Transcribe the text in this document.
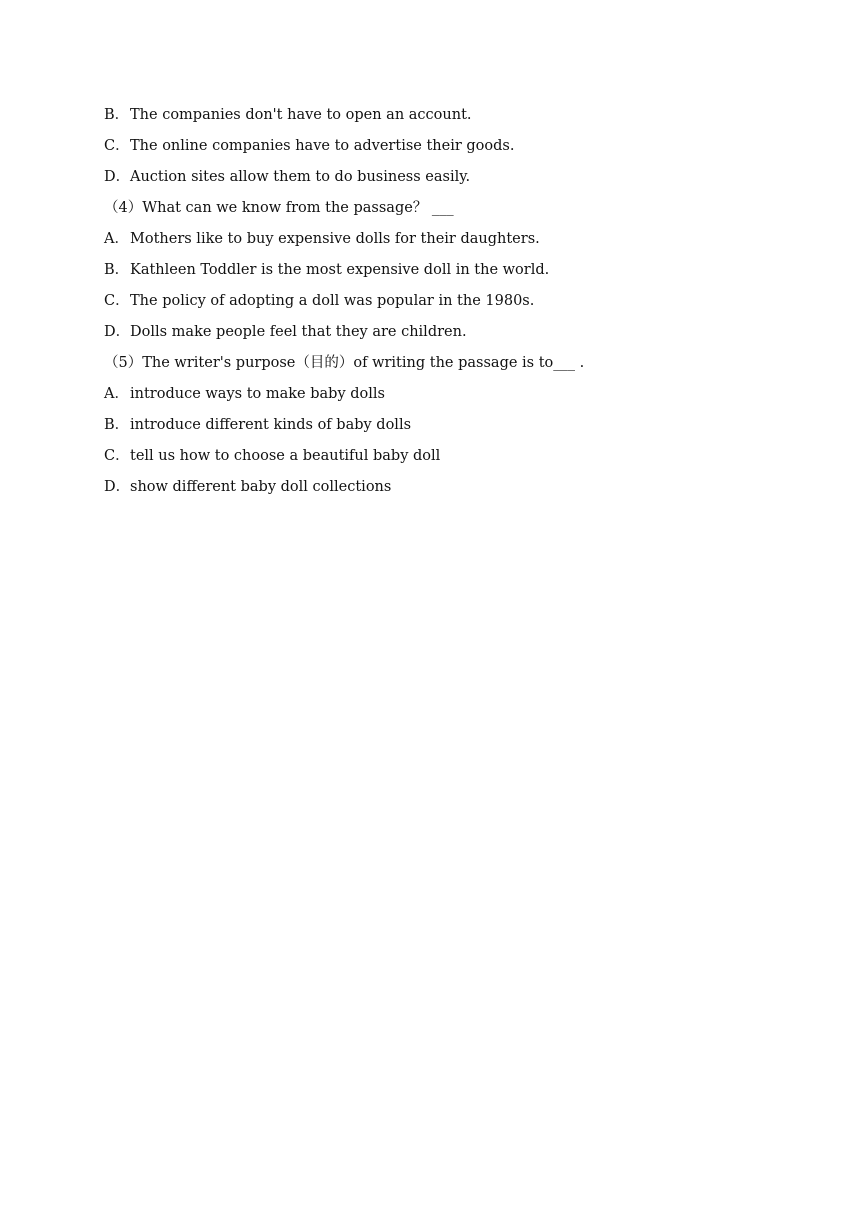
B．The companies don't have to open an account.
C．The online companies have to advertise their goods.
D．Auction sites allow them to do business easily.
（4）What can we know from the passage？ ___
A．Mothers like to buy expensive dolls for their daughters.
B．Kathleen Toddler is the most expensive doll in the world.
C．The policy of adopting a doll was popular in the 1980s.
D．Dolls make people feel that they are children.
（5）The writer's purpose（目的）of writing the passage is to___ .
A．introduce ways to make baby dolls
B．introduce different kinds of baby dolls
C．tell us how to choose a beautiful baby doll
D．show different baby doll collections
